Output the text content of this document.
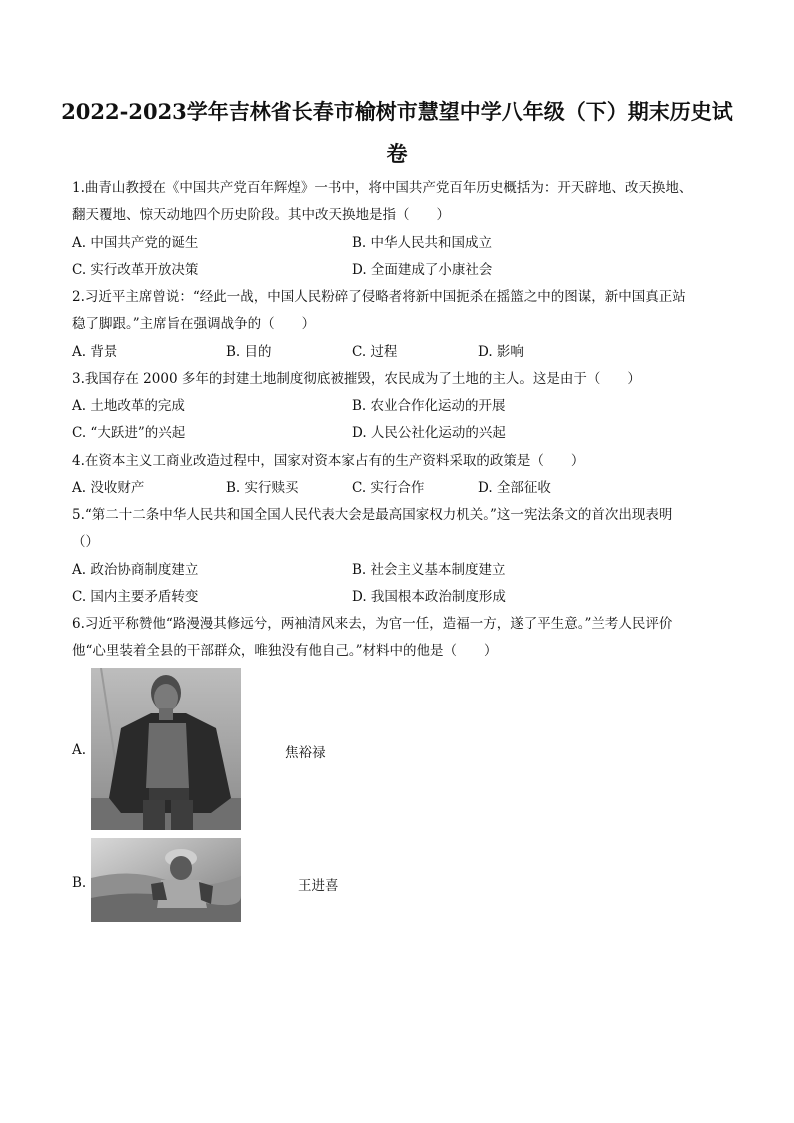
2022-2023学年吉林省长春市榆树市慧望中学八年级（下）期末历史试
卷
1.曲青山教授在《中国共产党百年辉煌》一书中，将中国共产党百年历史概括为：开天辟地、改天换地、
翻天覆地、惊天动地四个历史阶段。其中改天换地是指（　　）
A. 中国共产党的诞生	B. 中华人民共和国成立
C. 实行改革开放决策	D. 全面建成了小康社会
2.习近平主席曾说：“经此一战，中国人民粉碎了侵略者将新中国扼杀在摇篮之中的图谋，新中国真正站
稳了脚跟。”主席旨在强调战争的（　　）
A. 背景	B. 目的	C. 过程	D. 影响
3.我国存在 2000 多年的封建土地制度彻底被摧毁，农民成为了土地的主人。这是由于（　　）
A. 土地改革的完成	B. 农业合作化运动的开展
C. “大跃进”的兴起	D. 人民公社化运动的兴起
4.在资本主义工商业改造过程中，国家对资本家占有的生产资料采取的政策是（　　）
A. 没收财产	B. 实行赎买	C. 实行合作	D. 全部征收
5.“第二十二条中华人民共和国全国人民代表大会是最高国家权力机关。”这一宪法条文的首次出现表明
（）
A. 政治协商制度建立	B. 社会主义基本制度建立
C. 国内主要矛盾转变	D. 我国根本政治制度形成
6.习近平称赞他“路漫漫其修远兮，两袖清风来去，为官一任，造福一方，遂了平生意。”兰考人民评价
他“心里装着全县的干部群众，唯独没有他自己。”材料中的他是（　　）
A.	焦裕禄
B.	王进喜
